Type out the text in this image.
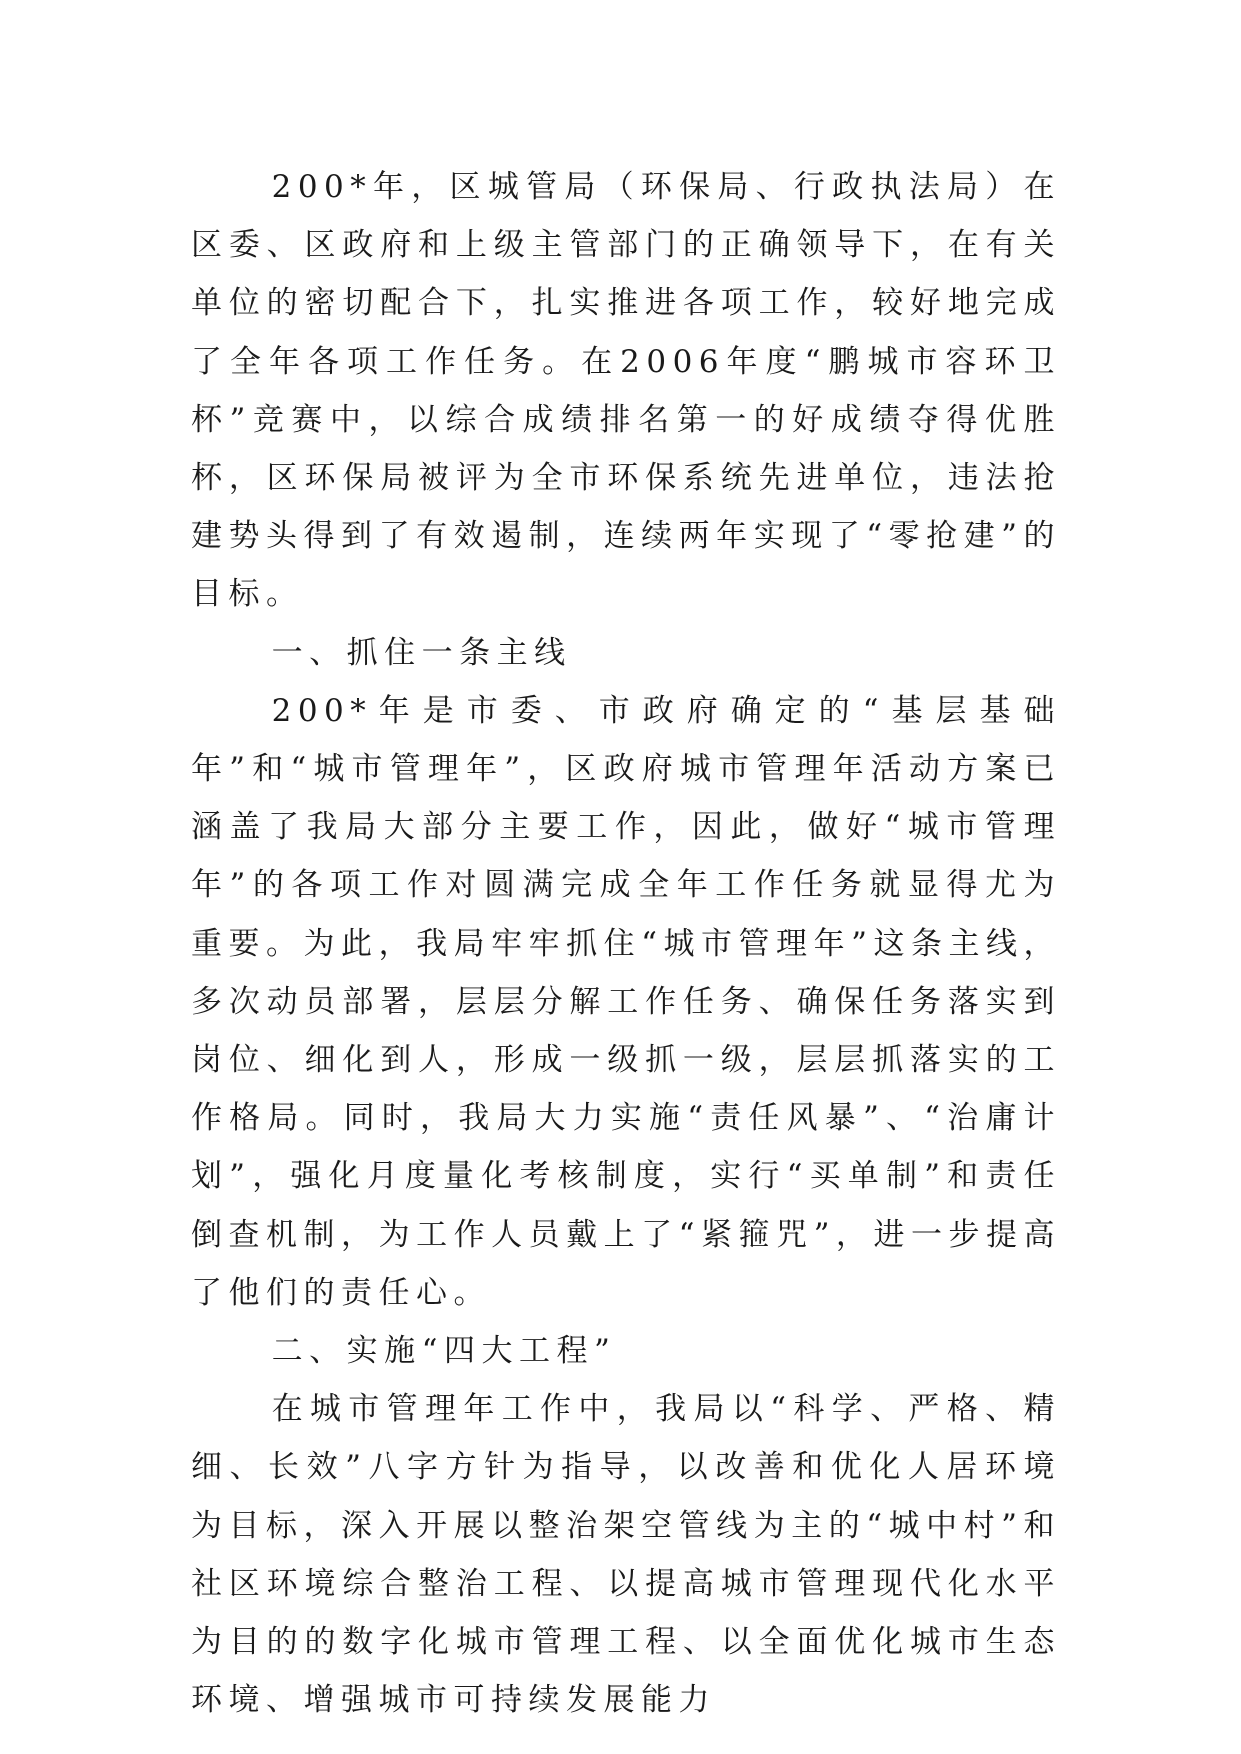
200*年，区城管局（环保局、行政执法局）在区委、区政府和上级主管部门的正确领导下，在有关单位的密切配合下，扎实推进各项工作，较好地完成了全年各项工作任务。在2006年度“鹏城市容环卫杯”竞赛中，以综合成绩排名第一的好成绩夺得优胜杯，区环保局被评为全市环保系统先进单位，违法抢建势头得到了有效遏制，连续两年实现了“零抢建”的目标。

一、抓住一条主线

200*年是市委、市政府确定的“基层基础年”和“城市管理年”，区政府城市管理年活动方案已涵盖了我局大部分主要工作，因此，做好“城市管理年”的各项工作对圆满完成全年工作任务就显得尤为重要。为此，我局牢牢抓住“城市管理年”这条主线，多次动员部署，层层分解工作任务、确保任务落实到岗位、细化到人，形成一级抓一级，层层抓落实的工作格局。同时，我局大力实施“责任风暴”、“治庸计划”，强化月度量化考核制度，实行“买单制”和责任倒查机制，为工作人员戴上了“紧箍咒”，进一步提高了他们的责任心。

二、实施“四大工程”

在城市管理年工作中，我局以“科学、严格、精细、长效”八字方针为指导，以改善和优化人居环境为目标，深入开展以整治架空管线为主的“城中村”和社区环境综合整治工程、以提高城市管理现代化水平为目的的数字化城市管理工程、以全面优化城市生态环境、增强城市可持续发展能力
